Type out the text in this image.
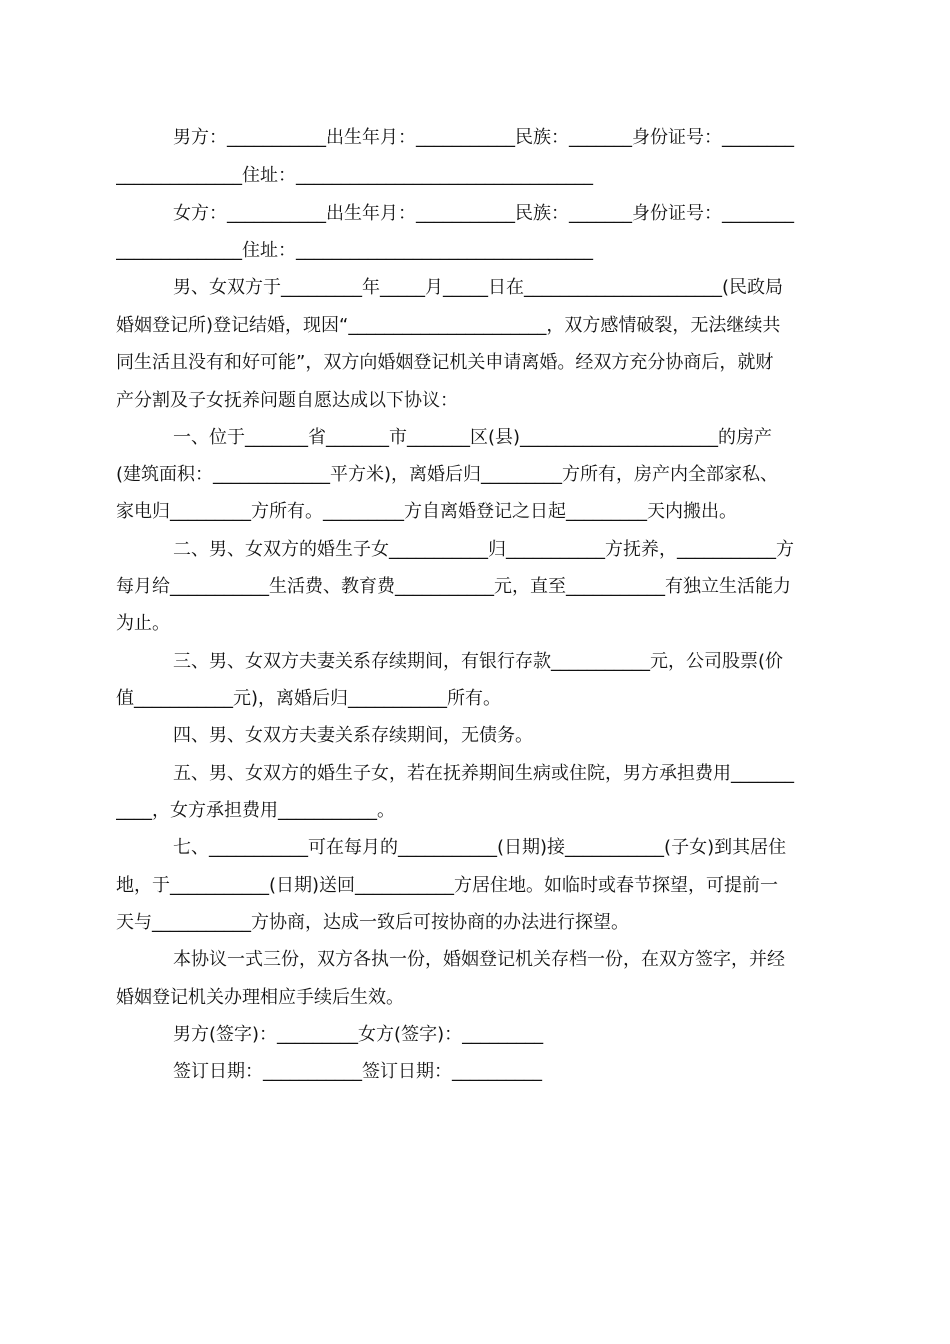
男方：___________出生年月：___________民族：_______身份证号：________
______________住址：_________________________________
女方：___________出生年月：___________民族：_______身份证号：________
______________住址：_________________________________
男、女双方于_________年_____月_____日在______________________(民政局
婚姻登记所)登记结婚，现因“______________________，双方感情破裂，无法继续共
同生活且没有和好可能”，双方向婚姻登记机关申请离婚。经双方充分协商后，就财
产分割及子女抚养问题自愿达成以下协议：
一、位于_______省_______市_______区(县)______________________的房产
(建筑面积：_____________平方米)，离婚后归_________方所有，房产内全部家私、
家电归_________方所有。_________方自离婚登记之日起_________天内搬出。
二、男、女双方的婚生子女___________归___________方抚养，___________方
每月给___________生活费、教育费___________元，直至___________有独立生活能力
为止。
三、男、女双方夫妻关系存续期间，有银行存款___________元，公司股票(价
值___________元)，离婚后归___________所有。
四、男、女双方夫妻关系存续期间，无债务。
五、男、女双方的婚生子女，若在抚养期间生病或住院，男方承担费用_______
____，女方承担费用___________。
七、___________可在每月的___________(日期)接___________(子女)到其居住
地，于___________(日期)送回___________方居住地。如临时或春节探望，可提前一
天与___________方协商，达成一致后可按协商的办法进行探望。
本协议一式三份，双方各执一份，婚姻登记机关存档一份，在双方签字，并经
婚姻登记机关办理相应手续后生效。
男方(签字)：_________女方(签字)：_________
签订日期：___________签订日期：__________
